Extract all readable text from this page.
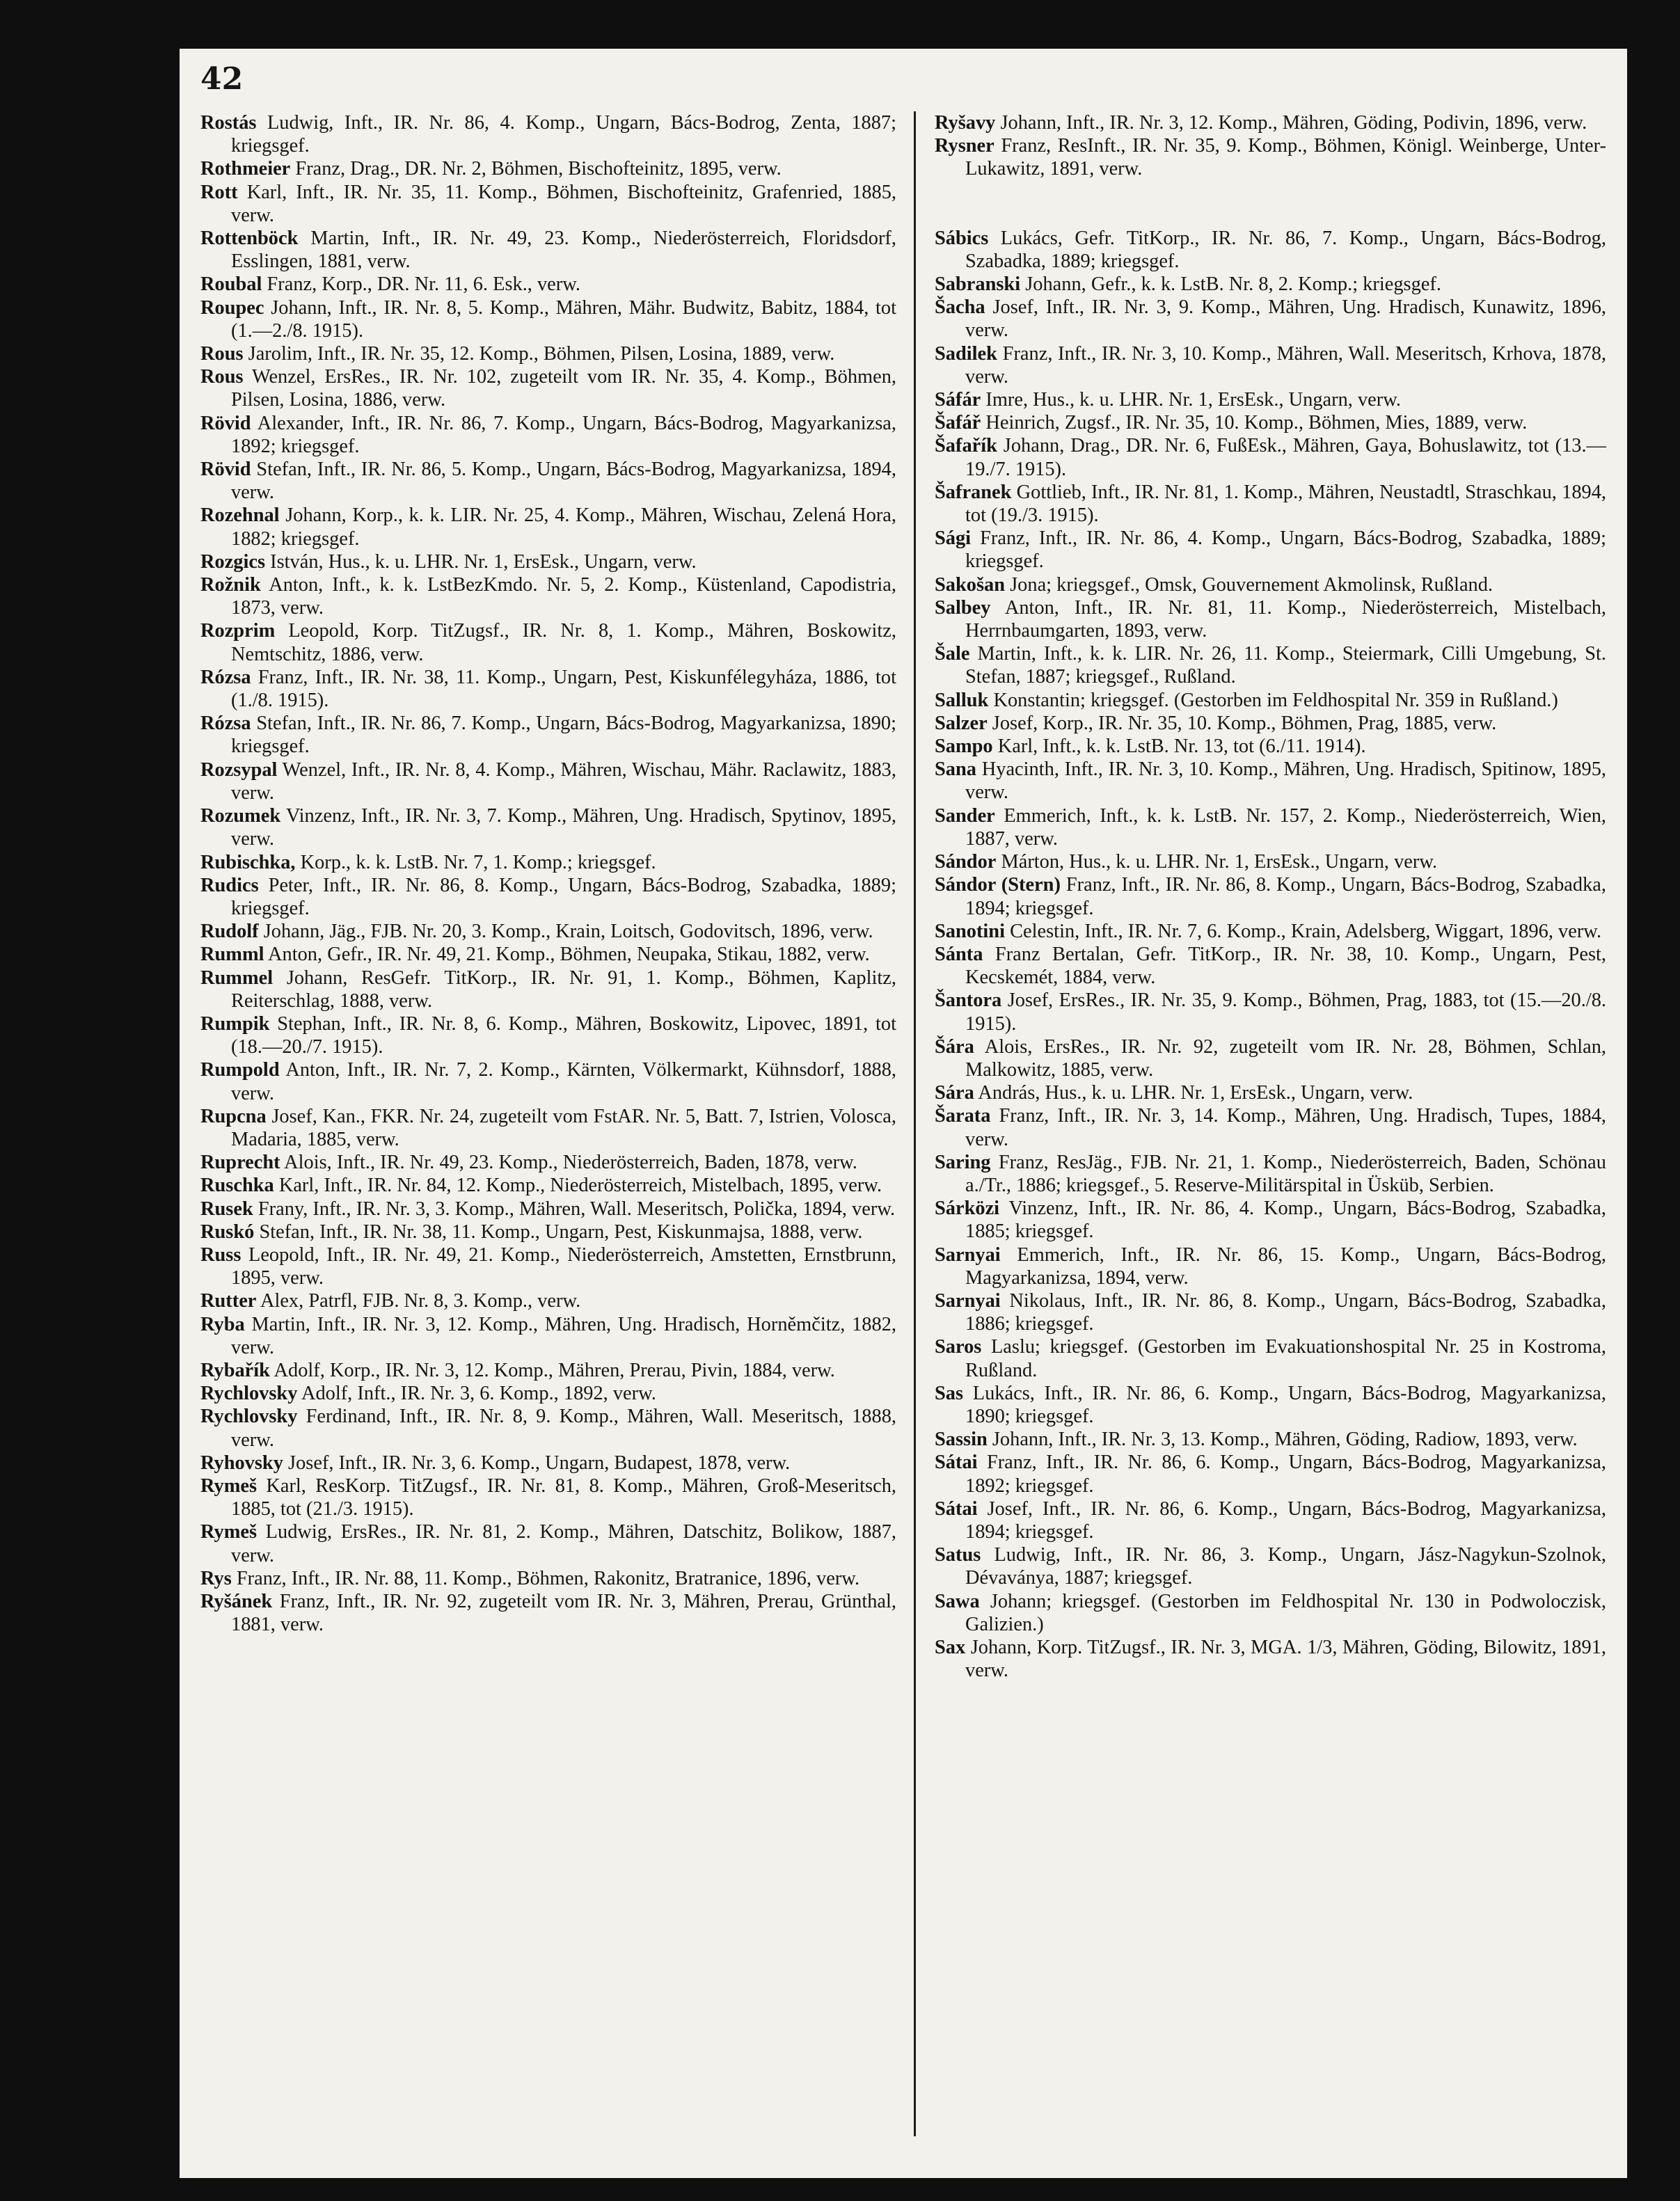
42

Rostás Ludwig, Inft., IR. Nr. 86, 4. Komp., Ungarn, Bács-Bodrog, Zenta, 1887; kriegsgef.

Rothmeier Franz, Drag., DR. Nr. 2, Böhmen, Bischofteinitz, 1895, verw.

Rott Karl, Inft., IR. Nr. 35, 11. Komp., Böhmen, Bischofteinitz, Grafenried, 1885, verw.

Rottenböck Martin, Inft., IR. Nr. 49, 23. Komp., Niederösterreich, Floridsdorf, Esslingen, 1881, verw.

Roubal Franz, Korp., DR. Nr. 11, 6. Esk., verw.

Roupec Johann, Inft., IR. Nr. 8, 5. Komp., Mähren, Mähr. Budwitz, Babitz, 1884, tot (1.—2./8. 1915).

Rous Jarolim, Inft., IR. Nr. 35, 12. Komp., Böhmen, Pilsen, Losina, 1889, verw.

Rous Wenzel, ErsRes., IR. Nr. 102, zugeteilt vom IR. Nr. 35, 4. Komp., Böhmen, Pilsen, Losina, 1886, verw.

Rövid Alexander, Inft., IR. Nr. 86, 7. Komp., Ungarn, Bács-Bodrog, Magyarkanizsa, 1892; kriegsgef.

Rövid Stefan, Inft., IR. Nr. 86, 5. Komp., Ungarn, Bács-Bodrog, Magyarkanizsa, 1894, verw.

Rozehnal Johann, Korp., k. k. LIR. Nr. 25, 4. Komp., Mähren, Wischau, Zelená Hora, 1882; kriegsgef.

Rozgics István, Hus., k. u. LHR. Nr. 1, ErsEsk., Ungarn, verw.

Rožnik Anton, Inft., k. k. LstBezKmdo. Nr. 5, 2. Komp., Küstenland, Capodistria, 1873, verw.

Rozprim Leopold, Korp. TitZugsf., IR. Nr. 8, 1. Komp., Mähren, Boskowitz, Nemtschitz, 1886, verw.

Rózsa Franz, Inft., IR. Nr. 38, 11. Komp., Ungarn, Pest, Kiskunfélegyháza, 1886, tot (1./8. 1915).

Rózsa Stefan, Inft., IR. Nr. 86, 7. Komp., Ungarn, Bács-Bodrog, Magyarkanizsa, 1890; kriegsgef.

Rozsypal Wenzel, Inft., IR. Nr. 8, 4. Komp., Mähren, Wischau, Mähr. Raclawitz, 1883, verw.

Rozumek Vinzenz, Inft., IR. Nr. 3, 7. Komp., Mähren, Ung. Hradisch, Spytinov, 1895, verw.

Rubischka, Korp., k. k. LstB. Nr. 7, 1. Komp.; kriegsgef.

Rudics Peter, Inft., IR. Nr. 86, 8. Komp., Ungarn, Bács-Bodrog, Szabadka, 1889; kriegsgef.

Rudolf Johann, Jäg., FJB. Nr. 20, 3. Komp., Krain, Loitsch, Godovitsch, 1896, verw.

Rumml Anton, Gefr., IR. Nr. 49, 21. Komp., Böhmen, Neupaka, Stikau, 1882, verw.

Rummel Johann, ResGefr. TitKorp., IR. Nr. 91, 1. Komp., Böhmen, Kaplitz, Reiterschlag, 1888, verw.

Rumpik Stephan, Inft., IR. Nr. 8, 6. Komp., Mähren, Boskowitz, Lipovec, 1891, tot (18.—20./7. 1915).

Rumpold Anton, Inft., IR. Nr. 7, 2. Komp., Kärnten, Völkermarkt, Kühnsdorf, 1888, verw.

Rupcna Josef, Kan., FKR. Nr. 24, zugeteilt vom FstAR. Nr. 5, Batt. 7, Istrien, Volosca, Madaria, 1885, verw.

Ruprecht Alois, Inft., IR. Nr. 49, 23. Komp., Niederösterreich, Baden, 1878, verw.

Ruschka Karl, Inft., IR. Nr. 84, 12. Komp., Niederösterreich, Mistelbach, 1895, verw.

Rusek Frany, Inft., IR. Nr. 3, 3. Komp., Mähren, Wall. Meseritsch, Polička, 1894, verw.

Ruskó Stefan, Inft., IR. Nr. 38, 11. Komp., Ungarn, Pest, Kiskunmajsa, 1888, verw.

Russ Leopold, Inft., IR. Nr. 49, 21. Komp., Niederösterreich, Amstetten, Ernstbrunn, 1895, verw.

Rutter Alex, Patrfl, FJB. Nr. 8, 3. Komp., verw.

Ryba Martin, Inft., IR. Nr. 3, 12. Komp., Mähren, Ung. Hradisch, Horněmčitz, 1882, verw.

Rybařík Adolf, Korp., IR. Nr. 3, 12. Komp., Mähren, Prerau, Pivin, 1884, verw.

Rychlovsky Adolf, Inft., IR. Nr. 3, 6. Komp., 1892, verw.

Rychlovsky Ferdinand, Inft., IR. Nr. 8, 9. Komp., Mähren, Wall. Meseritsch, 1888, verw.

Ryhovsky Josef, Inft., IR. Nr. 3, 6. Komp., Ungarn, Budapest, 1878, verw.

Rymeš Karl, ResKorp. TitZugsf., IR. Nr. 81, 8. Komp., Mähren, Groß-Meseritsch, 1885, tot (21./3. 1915).

Rymeš Ludwig, ErsRes., IR. Nr. 81, 2. Komp., Mähren, Datschitz, Bolikow, 1887, verw.

Rys Franz, Inft., IR. Nr. 88, 11. Komp., Böhmen, Rakonitz, Bratranice, 1896, verw.

Ryšánek Franz, Inft., IR. Nr. 92, zugeteilt vom IR. Nr. 3, Mähren, Prerau, Grünthal, 1881, verw.

Ryšavy Johann, Inft., IR. Nr. 3, 12. Komp., Mähren, Göding, Podivin, 1896, verw.

Rysner Franz, ResInft., IR. Nr. 35, 9. Komp., Böhmen, Königl. Weinberge, Unter-Lukawitz, 1891, verw.

Sábics Lukács, Gefr. TitKorp., IR. Nr. 86, 7. Komp., Ungarn, Bács-Bodrog, Szabadka, 1889; kriegsgef.

Sabranski Johann, Gefr., k. k. LstB. Nr. 8, 2. Komp.; kriegsgef.

Šacha Josef, Inft., IR. Nr. 3, 9. Komp., Mähren, Ung. Hradisch, Kunawitz, 1896, verw.

Sadilek Franz, Inft., IR. Nr. 3, 10. Komp., Mähren, Wall. Meseritsch, Krhova, 1878, verw.

Sáfár Imre, Hus., k. u. LHR. Nr. 1, ErsEsk., Ungarn, verw.

Šafář Heinrich, Zugsf., IR. Nr. 35, 10. Komp., Böhmen, Mies, 1889, verw.

Šafařík Johann, Drag., DR. Nr. 6, FußEsk., Mähren, Gaya, Bohuslawitz, tot (13.—19./7. 1915).

Šafranek Gottlieb, Inft., IR. Nr. 81, 1. Komp., Mähren, Neustadtl, Straschkau, 1894, tot (19./3. 1915).

Sági Franz, Inft., IR. Nr. 86, 4. Komp., Ungarn, Bács-Bodrog, Szabadka, 1889; kriegsgef.

Sakošan Jona; kriegsgef., Omsk, Gouvernement Akmolinsk, Rußland.

Salbey Anton, Inft., IR. Nr. 81, 11. Komp., Niederösterreich, Mistelbach, Herrnbaumgarten, 1893, verw.

Šale Martin, Inft., k. k. LIR. Nr. 26, 11. Komp., Steiermark, Cilli Umgebung, St. Stefan, 1887; kriegsgef., Rußland.

Salluk Konstantin; kriegsgef. (Gestorben im Feldhospital Nr. 359 in Rußland.)

Salzer Josef, Korp., IR. Nr. 35, 10. Komp., Böhmen, Prag, 1885, verw.

Sampo Karl, Inft., k. k. LstB. Nr. 13, tot (6./11. 1914).

Sana Hyacinth, Inft., IR. Nr. 3, 10. Komp., Mähren, Ung. Hradisch, Spitinow, 1895, verw.

Sander Emmerich, Inft., k. k. LstB. Nr. 157, 2. Komp., Niederösterreich, Wien, 1887, verw.

Sándor Márton, Hus., k. u. LHR. Nr. 1, ErsEsk., Ungarn, verw.

Sándor (Stern) Franz, Inft., IR. Nr. 86, 8. Komp., Ungarn, Bács-Bodrog, Szabadka, 1894; kriegsgef.

Sanotini Celestin, Inft., IR. Nr. 7, 6. Komp., Krain, Adelsberg, Wiggart, 1896, verw.

Sánta Franz Bertalan, Gefr. TitKorp., IR. Nr. 38, 10. Komp., Ungarn, Pest, Kecskemét, 1884, verw.

Šantora Josef, ErsRes., IR. Nr. 35, 9. Komp., Böhmen, Prag, 1883, tot (15.—20./8. 1915).

Šára Alois, ErsRes., IR. Nr. 92, zugeteilt vom IR. Nr. 28, Böhmen, Schlan, Malkowitz, 1885, verw.

Sára András, Hus., k. u. LHR. Nr. 1, ErsEsk., Ungarn, verw.

Šarata Franz, Inft., IR. Nr. 3, 14. Komp., Mähren, Ung. Hradisch, Tupes, 1884, verw.

Saring Franz, ResJäg., FJB. Nr. 21, 1. Komp., Niederösterreich, Baden, Schönau a./Tr., 1886; kriegsgef., 5. Reserve-Militärspital in Üsküb, Serbien.

Sárközi Vinzenz, Inft., IR. Nr. 86, 4. Komp., Ungarn, Bács-Bodrog, Szabadka, 1885; kriegsgef.

Sarnyai Emmerich, Inft., IR. Nr. 86, 15. Komp., Ungarn, Bács-Bodrog, Magyarkanizsa, 1894, verw.

Sarnyai Nikolaus, Inft., IR. Nr. 86, 8. Komp., Ungarn, Bács-Bodrog, Szabadka, 1886; kriegsgef.

Saros Laslu; kriegsgef. (Gestorben im Evakuationshospital Nr. 25 in Kostroma, Rußland.

Sas Lukács, Inft., IR. Nr. 86, 6. Komp., Ungarn, Bács-Bodrog, Magyarkanizsa, 1890; kriegsgef.

Sassin Johann, Inft., IR. Nr. 3, 13. Komp., Mähren, Göding, Radiow, 1893, verw.

Sátai Franz, Inft., IR. Nr. 86, 6. Komp., Ungarn, Bács-Bodrog, Magyarkanizsa, 1892; kriegsgef.

Sátai Josef, Inft., IR. Nr. 86, 6. Komp., Ungarn, Bács-Bodrog, Magyarkanizsa, 1894; kriegsgef.

Satus Ludwig, Inft., IR. Nr. 86, 3. Komp., Ungarn, Jász-Nagykun-Szolnok, Dévaványa, 1887; kriegsgef.

Sawa Johann; kriegsgef. (Gestorben im Feldhospital Nr. 130 in Podwoloczisk, Galizien.)

Sax Johann, Korp. TitZugsf., IR. Nr. 3, MGA. 1/3, Mähren, Göding, Bilowitz, 1891, verw.
